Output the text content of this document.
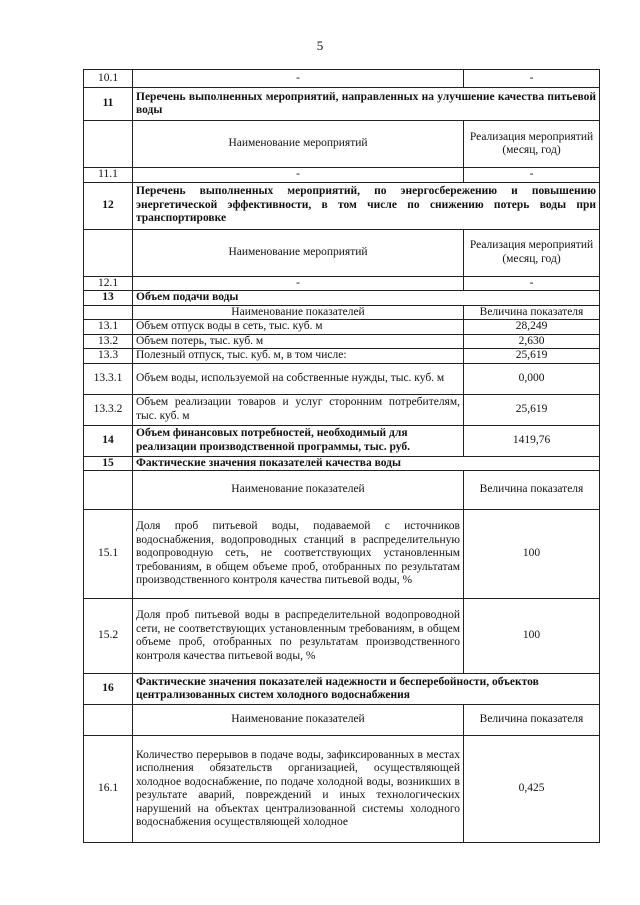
5
10.1	-	-
11	Перечень выполненных мероприятий, направленных на улучшение качества питьевой воды	
	Наименование мероприятий	Реализация мероприятий (месяц, год)
11.1	-	-
12	Перечень выполненных мероприятий, по энергосбережению и повышению энергетической эффективности, в том числе по снижению потерь воды при транспортировке	
	Наименование мероприятий	Реализация мероприятий (месяц, год)
12.1	-	-
13	Объем подачи воды	
	Наименование показателей	Величина показателя
13.1	Объем отпуск воды в сеть, тыс. куб. м	28,249
13.2	Объем потерь, тыс. куб. м	2,630
13.3	Полезный отпуск, тыс. куб. м, в том числе:	25,619
13.3.1	Объем воды, используемой на собственные нужды, тыс. куб. м	0,000
13.3.2	Объем реализации товаров и услуг сторонним потребителям, тыс. куб. м	25,619
14	Объем финансовых потребностей, необходимый для реализации производственной программы, тыс. руб.	1419,76
15	Фактические значения показателей качества воды	
	Наименование показателей	Величина показателя
15.1	Доля проб питьевой воды, подаваемой с источников водоснабжения, водопроводных станций в распределительную водопроводную сеть, не соответствующих установленным требованиям, в общем объеме проб, отобранных по результатам производственного контроля качества питьевой воды, %	100
15.2	Доля проб питьевой воды в распределительной водопроводной сети, не соответствующих установленным требованиям, в общем объеме проб, отобранных по результатам производственного контроля качества питьевой воды, %	100
16	Фактические значения показателей надежности и бесперебойности, объектов централизованных систем холодного водоснабжения	
	Наименование показателей	Величина показателя
16.1	Количество перерывов в подаче воды, зафиксированных в местах исполнения обязательств организацией, осуществляющей холодное водоснабжение, по подаче холодной воды, возникших в результате аварий, повреждений и иных технологических нарушений на объектах централизованной системы холодного водоснабжения осуществляющей холодное	0,425
